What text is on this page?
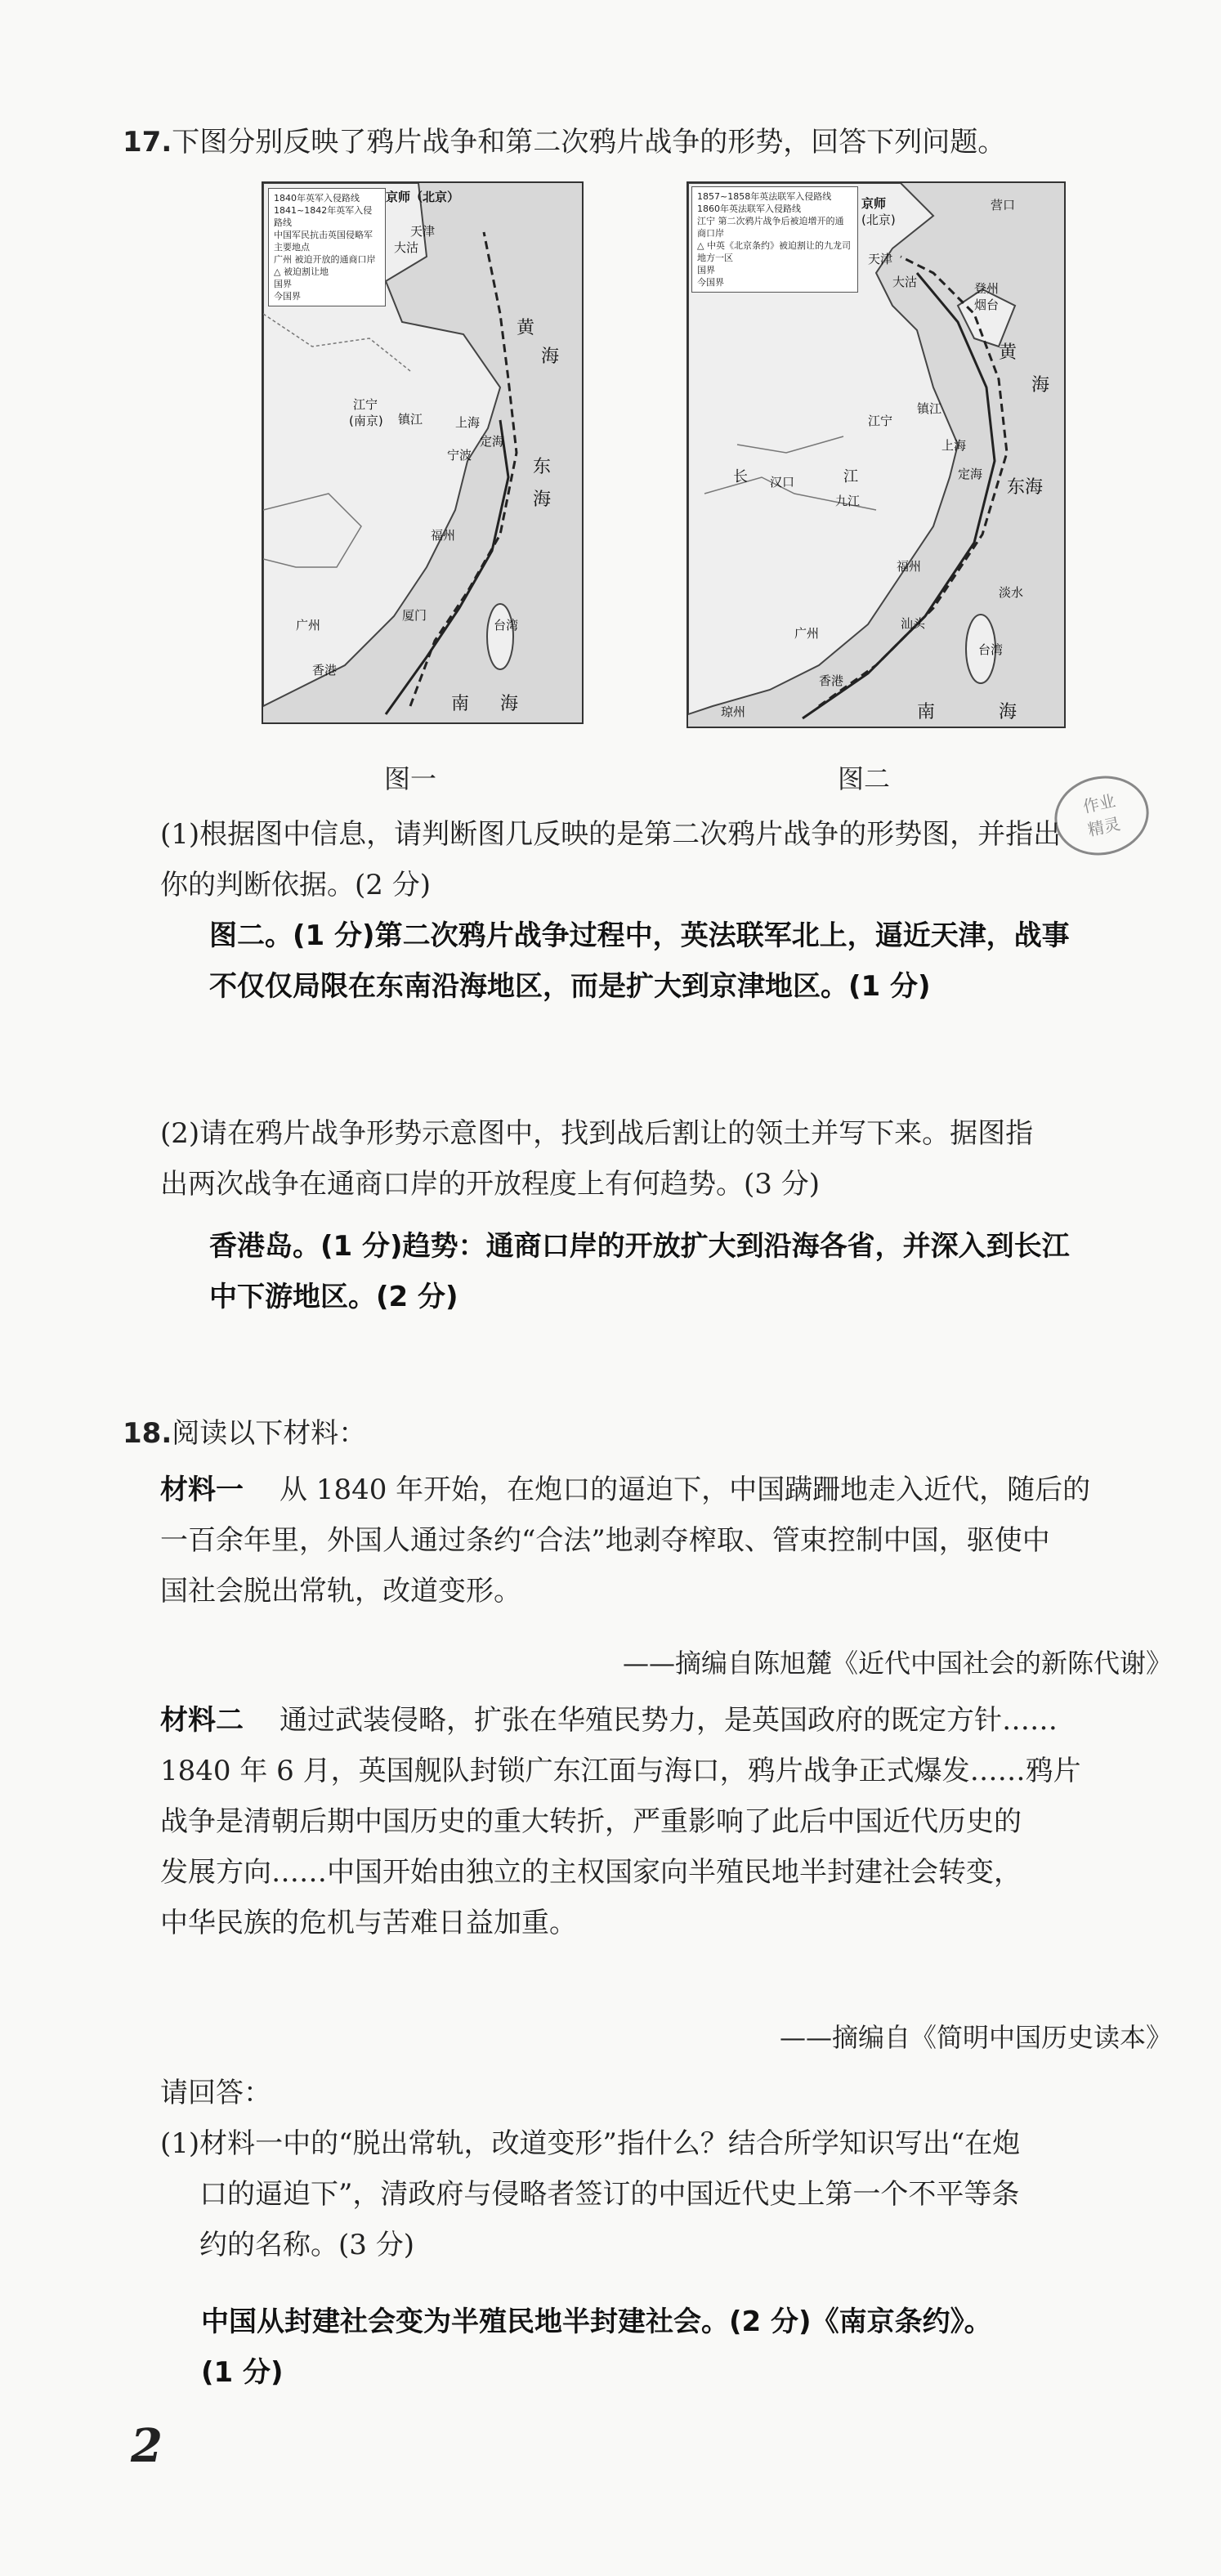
17.下图分别反映了鸦片战争和第二次鸦片战争的形势，回答下列问题。
1840年英军入侵路线
1841~1842年英军入侵路线
中国军民抗击英国侵略军主要地点
广州 被迫开放的通商口岸
△ 被迫割让地
国界
今国界
京师（北京）
天津
大沽
江宁
(南京) 镇江	上海
宁波
定海
福州
厦门
广州
香港
台湾
黄
海
东
海
南 海
图一
1857~1858年英法联军入侵路线
1860年英法联军入侵路线
江宁 第二次鸦片战争后被迫增开的通商口岸
△ 中英《北京条约》被迫割让的九龙司地方一区
国界
今国界
京师
(北京)
营口
天津
大沽	登州
烟台
江宁
镇江
汉口
九江
长	江
上海
定海
福州
淡水
汕头
台湾
广州
香港
琼州
黄
海
东海
南	海
图二
作业
精灵
(1)根据图中信息，请判断图几反映的是第二次鸦片战争的形势图，并指出
你的判断依据。(2 分)
图二。(1 分)第二次鸦片战争过程中，英法联军北上，逼近天津，战事
不仅仅局限在东南沿海地区，而是扩大到京津地区。(1 分)
(2)请在鸦片战争形势示意图中，找到战后割让的领土并写下来。据图指
出两次战争在通商口岸的开放程度上有何趋势。(3 分)
香港岛。(1 分)趋势：通商口岸的开放扩大到沿海各省，并深入到长江
中下游地区。(2 分)
18.阅读以下材料：
材料一 从 1840 年开始，在炮口的逼迫下，中国蹒跚地走入近代，随后的
一百余年里，外国人通过条约“合法”地剥夺榨取、管束控制中国，驱使中
国社会脱出常轨，改道变形。
——摘编自陈旭麓《近代中国社会的新陈代谢》
材料二 通过武装侵略，扩张在华殖民势力，是英国政府的既定方针……
1840 年 6 月，英国舰队封锁广东江面与海口，鸦片战争正式爆发……鸦片
战争是清朝后期中国历史的重大转折，严重影响了此后中国近代历史的
发展方向……中国开始由独立的主权国家向半殖民地半封建社会转变，
中华民族的危机与苦难日益加重。
——摘编自《简明中国历史读本》
请回答：
(1)材料一中的“脱出常轨，改道变形”指什么？结合所学知识写出“在炮
口的逼迫下”，清政府与侵略者签订的中国近代史上第一个不平等条
约的名称。(3 分)
中国从封建社会变为半殖民地半封建社会。(2 分)《南京条约》。
(1 分)
2
